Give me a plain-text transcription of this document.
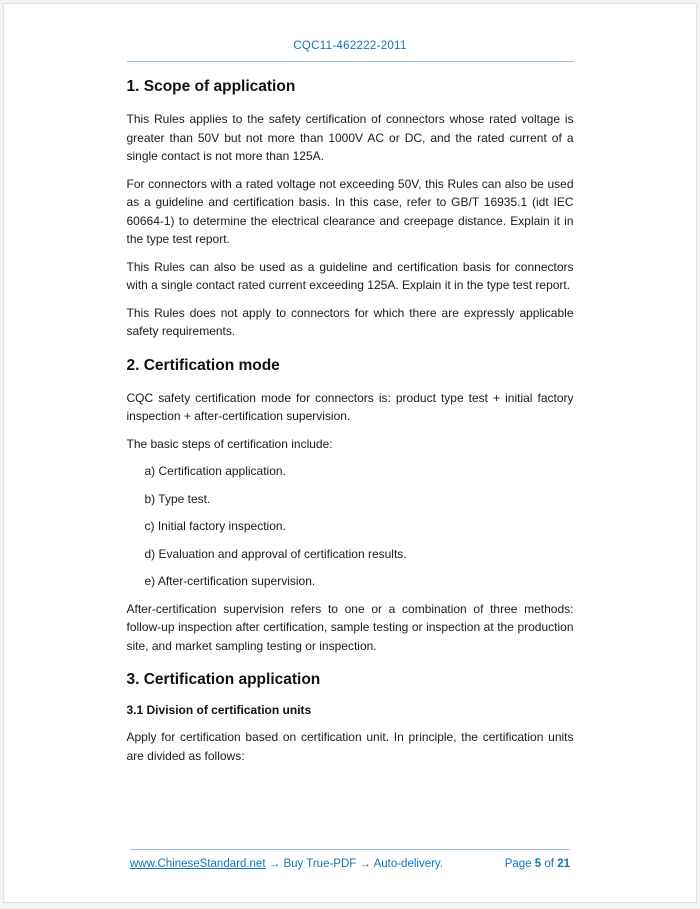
CQC11-462222-2011
1. Scope of application

This Rules applies to the safety certification of connectors whose rated voltage is greater than 50V but not more than 1000V AC or DC, and the rated current of a single contact is not more than 125A.

For connectors with a rated voltage not exceeding 50V, this Rules can also be used as a guideline and certification basis. In this case, refer to GB/T 16935.1 (idt IEC 60664-1) to determine the electrical clearance and creepage distance. Explain it in the type test report.

This Rules can also be used as a guideline and certification basis for connectors with a single contact rated current exceeding 125A. Explain it in the type test report.

This Rules does not apply to connectors for which there are expressly applicable safety requirements.

2. Certification mode

CQC safety certification mode for connectors is: product type test + initial factory inspection + after-certification supervision.

The basic steps of certification include:

a) Certification application.

b) Type test.

c) Initial factory inspection.

d) Evaluation and approval of certification results.

e) After-certification supervision.

After-certification supervision refers to one or a combination of three methods: follow-up inspection after certification, sample testing or inspection at the production site, and market sampling testing or inspection.

3. Certification application
3.1 Division of certification units

Apply for certification based on certification unit. In principle, the certification units are divided as follows:

www.ChineseStandard.net → Buy True-PDF → Auto-delivery.	Page 5 of 21
